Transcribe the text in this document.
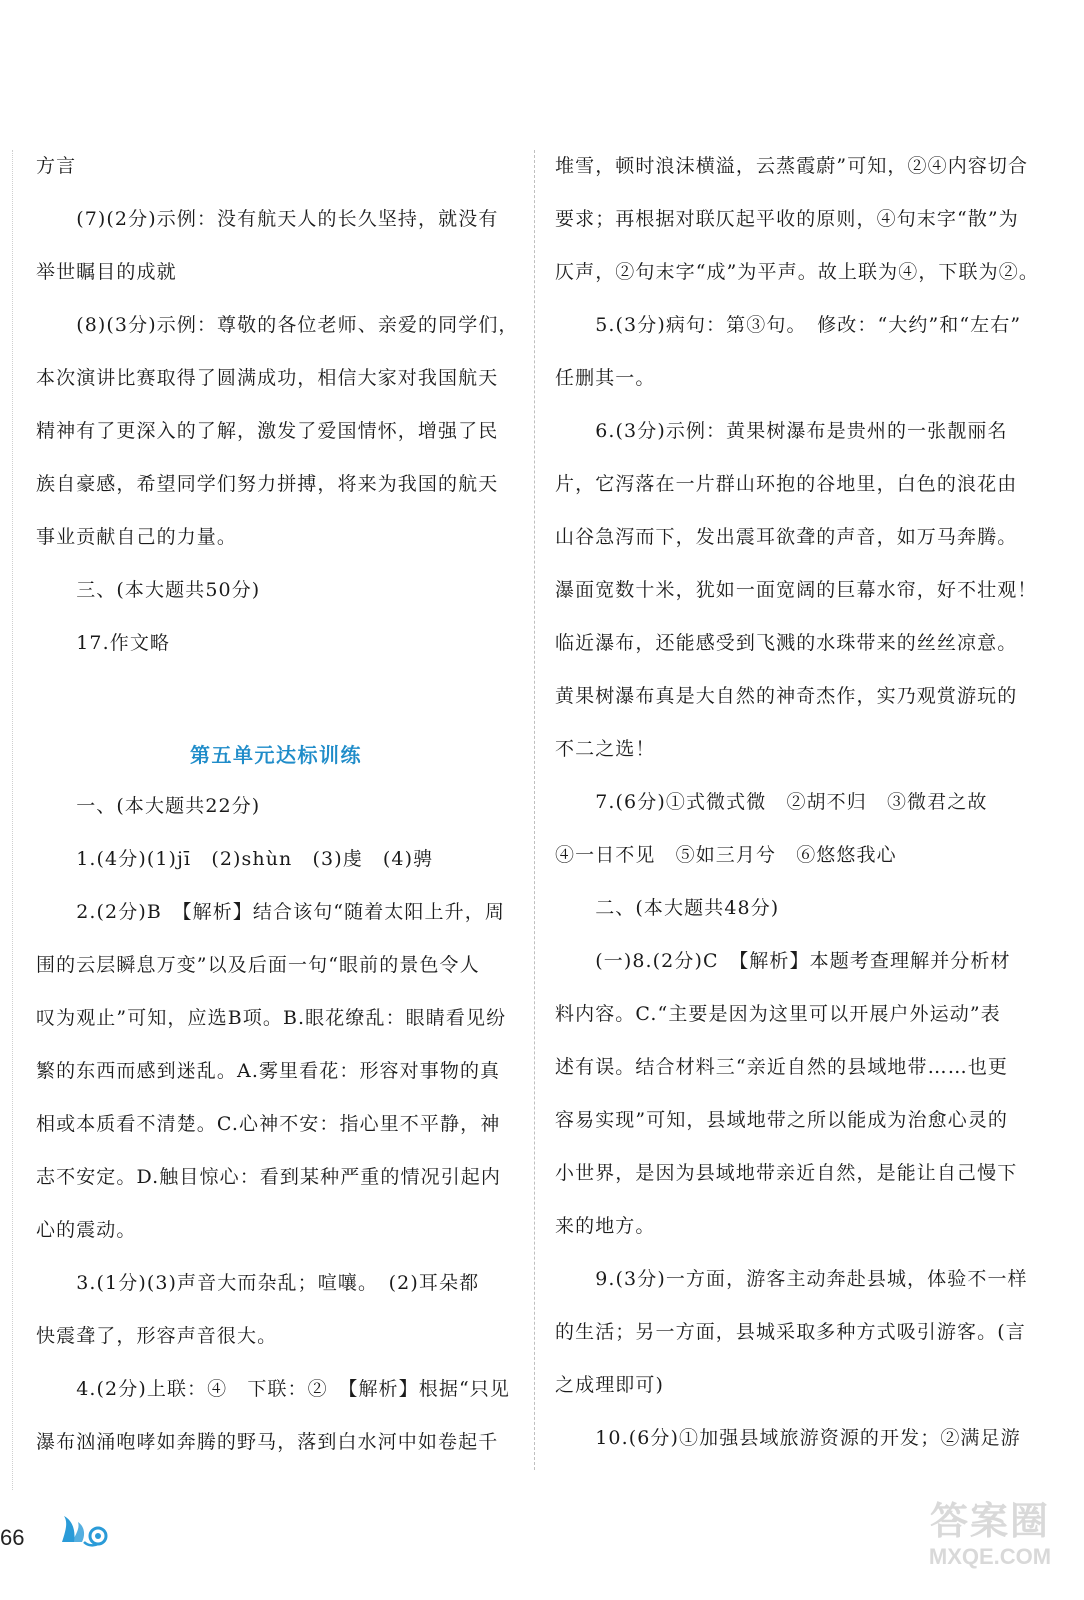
方言
　　(7)(2分)示例：没有航天人的长久坚持，就没有
举世瞩目的成就
　　(8)(3分)示例：尊敬的各位老师、亲爱的同学们，
本次演讲比赛取得了圆满成功，相信大家对我国航天
精神有了更深入的了解，激发了爱国情怀，增强了民
族自豪感，希望同学们努力拼搏，将来为我国的航天
事业贡献自己的力量。
　　三、(本大题共50分)
　　17.作文略
第五单元达标训练
　　一、(本大题共22分)
　　1.(4分)(1)jī　(2)shùn　(3)虔　(4)骋
　　2.(2分)B　【解析】结合该句“随着太阳上升，周
围的云层瞬息万变”以及后面一句“眼前的景色令人
叹为观止”可知，应选B项。B.眼花缭乱：眼睛看见纷
繁的东西而感到迷乱。A.雾里看花：形容对事物的真
相或本质看不清楚。C.心神不安：指心里不平静，神
志不安定。D.触目惊心：看到某种严重的情况引起内
心的震动。
　　3.(1分)(3)声音大而杂乱；喧嚷。　(2)耳朵都
快震聋了，形容声音很大。
　　4.(2分)上联：④　下联：②　【解析】根据“只见
瀑布汹涌咆哮如奔腾的野马，落到白水河中如卷起千
堆雪，顿时浪沫横溢，云蒸霞蔚”可知，②④内容切合
要求；再根据对联仄起平收的原则，④句末字“散”为
仄声，②句末字“成”为平声。故上联为④，下联为②。
　　5.(3分)病句：第③句。　修改：“大约”和“左右”
任删其一。
　　6.(3分)示例：黄果树瀑布是贵州的一张靓丽名
片，它泻落在一片群山环抱的谷地里，白色的浪花由
山谷急泻而下，发出震耳欲聋的声音，如万马奔腾。
瀑面宽数十米，犹如一面宽阔的巨幕水帘，好不壮观！
临近瀑布，还能感受到飞溅的水珠带来的丝丝凉意。
黄果树瀑布真是大自然的神奇杰作，实乃观赏游玩的
不二之选！
　　7.(6分)①式微式微　②胡不归　③微君之故
④一日不见　⑤如三月兮　⑥悠悠我心
　　二、(本大题共48分)
　　(一)8.(2分)C　【解析】本题考查理解并分析材
料内容。C.“主要是因为这里可以开展户外运动”表
述有误。结合材料三“亲近自然的县域地带……也更
容易实现”可知，县域地带之所以能成为治愈心灵的
小世界，是因为县域地带亲近自然，是能让自己慢下
来的地方。
　　9.(3分)一方面，游客主动奔赴县城，体验不一样
的生活；另一方面，县城采取多种方式吸引游客。(言
之成理即可)
　　10.(6分)①加强县域旅游资源的开发；②满足游
66	答案圈
MXQE.COM
